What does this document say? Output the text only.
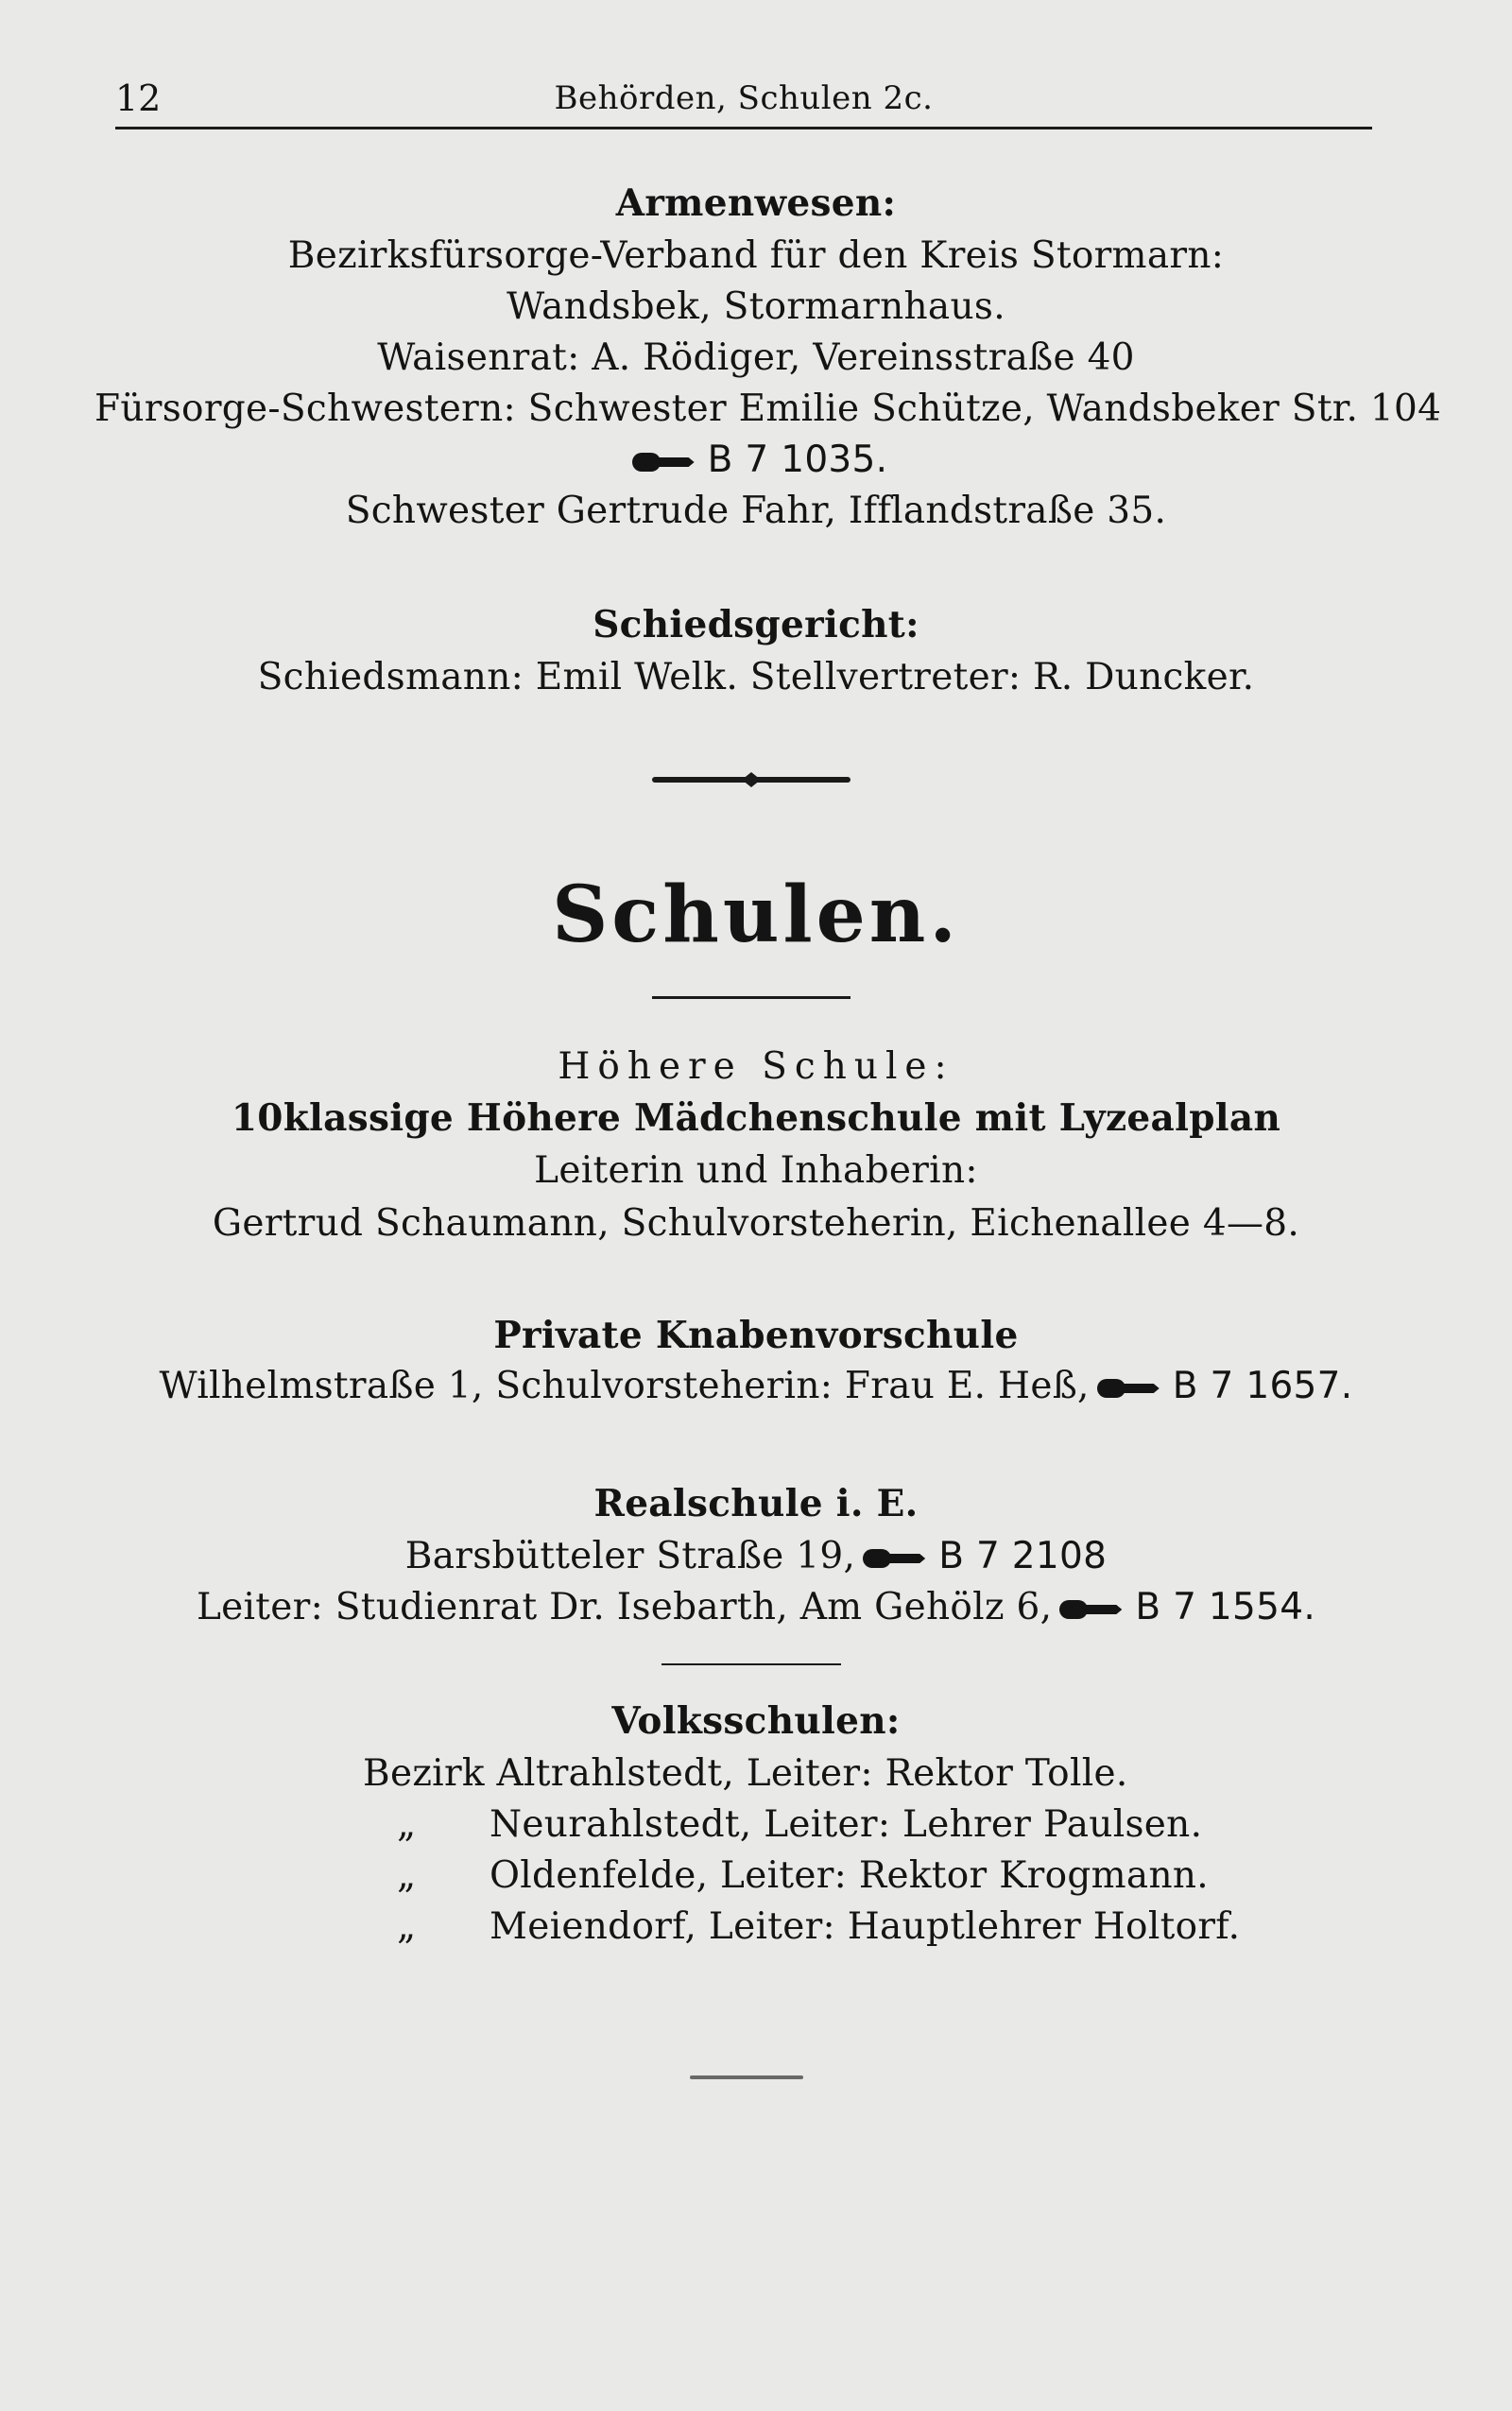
12	Behörden, Schulen 2c.
Armenwesen:
Bezirksfürsorge-Verband für den Kreis Stormarn:
Wandsbek, Stormarnhaus.
Waisenrat: A. Rödiger, Vereinsstraße 40
Fürsorge-Schwestern: Schwester Emilie Schütze, Wandsbeker Str. 104
B 7 1035.
Schwester Gertrude Fahr, Ifflandstraße 35.
Schiedsgericht:
Schiedsmann: Emil Welk. Stellvertreter: R. Duncker.
Schulen.
Höhere Schule:
10klassige Höhere Mädchenschule mit Lyzealplan
Leiterin und Inhaberin:
Gertrud Schaumann, Schulvorsteherin, Eichenallee 4—8.
Private Knabenvorschule
Wilhelmstraße 1, Schulvorsteherin: Frau E. Heß, B 7 1657.
Realschule i. E.
Barsbütteler Straße 19, B 7 2108
Leiter: Studienrat Dr. Isebarth, Am Gehölz 6, B 7 1554.
Volksschulen:
Bezirk Altrahlstedt, Leiter: Rektor Tolle.
„ Neurahlstedt, Leiter: Lehrer Paulsen.
„ Oldenfelde, Leiter: Rektor Krogmann.
„ Meiendorf, Leiter: Hauptlehrer Holtorf.
